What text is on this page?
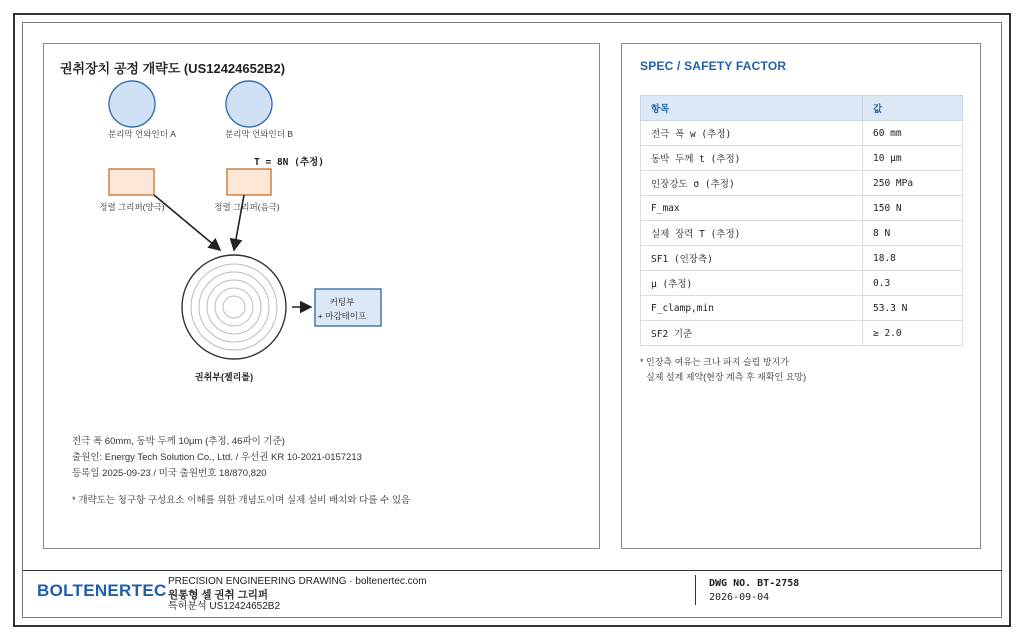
분리막 언와인더 A	분리막 언와인더 B
T = 8N (추정)
정렬 그리퍼(양극)	정렬 그리퍼(음극)
권취부(젤리롤)
커팅부
+ 마감테이프
권취장치 공정 개략도 (US12424652B2)
전극 폭 60mm, 동박 두께 10μm (추정, 46파이 기준)
출원인: Energy Tech Solution Co., Ltd. / 우선권 KR 10-2021-0157213
등록일 2025-09-23 / 미국 출원번호 18/870,820
* 개략도는 청구항 구성요소 이해를 위한 개념도이며 실제 설비 배치와 다를 수 있음
SPEC / SAFETY FACTOR
항목	값
전극 폭 w (추정)	60 mm
동박 두께 t (추정)	10 μm
인장강도 σ (추정)	250 MPa
F_max	150 N
실제 장력 T (추정)	8 N
SF1 (인장측)	18.8
μ (추정)	0.3
F_clamp,min	53.3 N
SF2 기준	≥ 2.0
* 인장측 여유는 크나 파지 슬립 방지가
실제 설계 제약(현장 계측 후 재확인 요망)
BOLTENERTEC PRECISION ENGINEERING DRAWING · boltenertec.com
원통형 셀 권취 그리퍼
특허분석 US12424652B2
DWG NO. BT-2758
2026-09-04
